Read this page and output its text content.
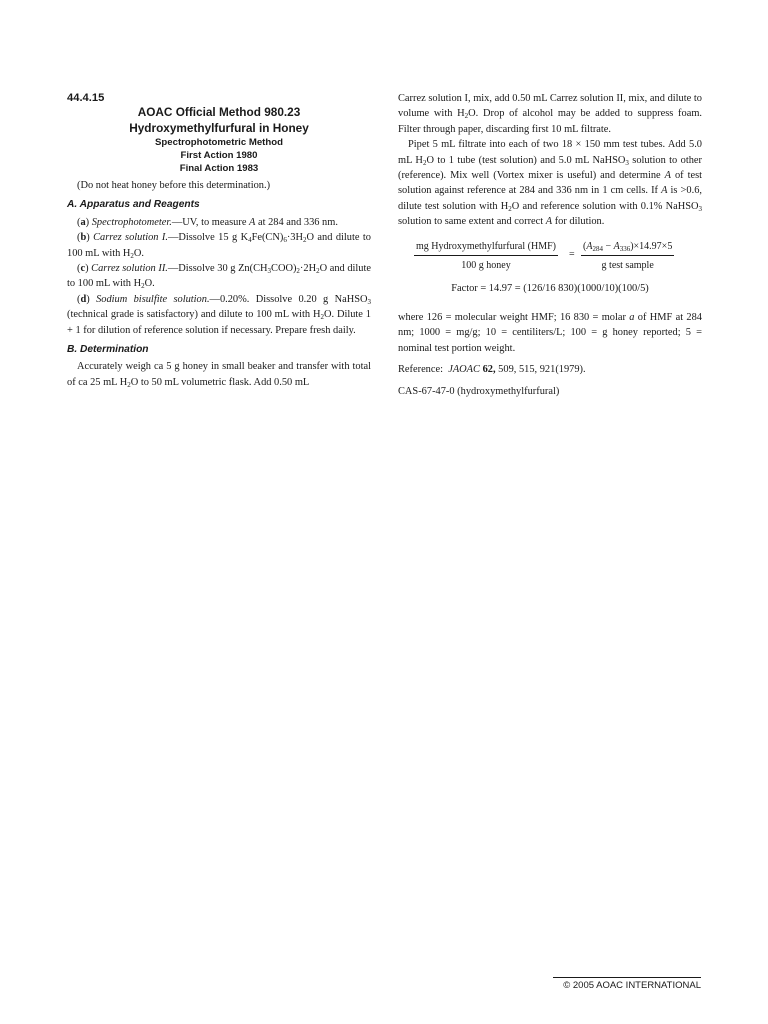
44.4.15
AOAC Official Method 980.23
Hydroxymethylfurfural in Honey
Spectrophotometric Method
First Action 1980
Final Action 1983

(Do not heat honey before this determination.)

A. Apparatus and Reagents

(a) Spectrophotometer.—UV, to measure A at 284 and 336 nm.

(b) Carrez solution I.—Dissolve 15 g $K_4Fe(CN)_6\cdot 3H_2O$ and dilute to 100 mL with $H_2O$.

(c) Carrez solution II.—Dissolve 30 g $Zn(CH_3COO)_2\cdot 2H_2O$ and dilute to 100 mL with $H_2O$.

(d) Sodium bisulfite solution.—0.20%. Dissolve 0.20 g NaHSO$_3$ (technical grade is satisfactory) and dilute to 100 mL with $H_2O$. Dilute 1 + 1 for dilution of reference solution if necessary. Prepare fresh daily.

B. Determination

Accurately weigh ca 5 g honey in small beaker and transfer with total of ca 25 mL $H_2O$ to 50 mL volumetric flask. Add 0.50 mL

Carrez solution I, mix, add 0.50 mL Carrez solution II, mix, and dilute to volume with $H_2O$. Drop of alcohol may be added to suppress foam. Filter through paper, discarding first 10 mL filtrate.

Pipet 5 mL filtrate into each of two 18 × 150 mm test tubes. Add 5.0 mL $H_2O$ to 1 tube (test solution) and 5.0 mL NaHSO$_3$ solution to other (reference). Mix well (Vortex mixer is useful) and determine A of test solution against reference at 284 and 336 nm in 1 cm cells. If A is >0.6, dilute test solution with $H_2O$ and reference solution with 0.1% NaHSO$_3$ solution to same extent and correct A for dilution.

mg Hydroxymethylfurfural (HMF)
100 g honey
=
$(A_{284} - A_{336})\times 14.97\times 5$
g test sample
Factor = 14.97 = (126/16 830)(1000/10)(100/5)

where 126 = molecular weight HMF; 16 830 = molar a of HMF at 284 nm; 1000 = mg/g; 10 = centiliters/L; 100 = g honey reported; 5 = nominal test portion weight.

Reference: JAOAC 62, 509, 515, 921(1979).

CAS-67-47-0 (hydroxymethylfurfural)

© 2005 AOAC INTERNATIONAL
